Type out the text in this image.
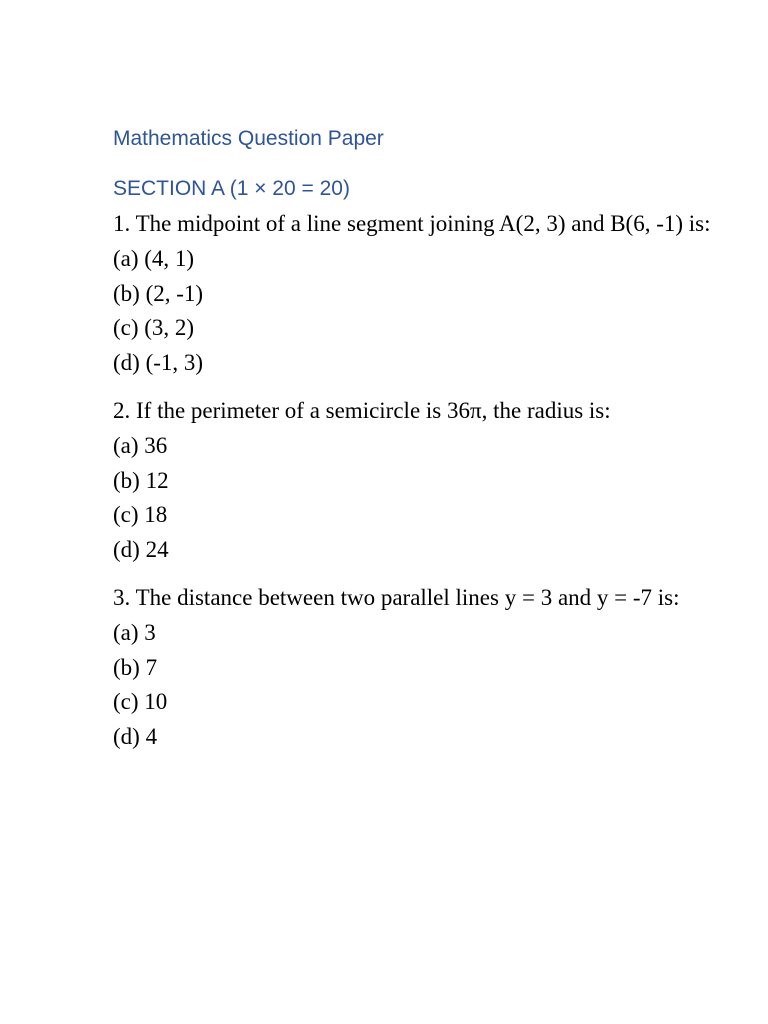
Mathematics Question Paper
SECTION A (1 × 20 = 20)
1. The midpoint of a line segment joining A(2, 3) and B(6, -1) is:
(a) (4, 1)
(b) (2, -1)
(c) (3, 2)
(d) (-1, 3)
2. If the perimeter of a semicircle is 36π, the radius is:
(a) 36
(b) 12
(c) 18
(d) 24
3. The distance between two parallel lines y = 3 and y = -7 is:
(a) 3
(b) 7
(c) 10
(d) 4
